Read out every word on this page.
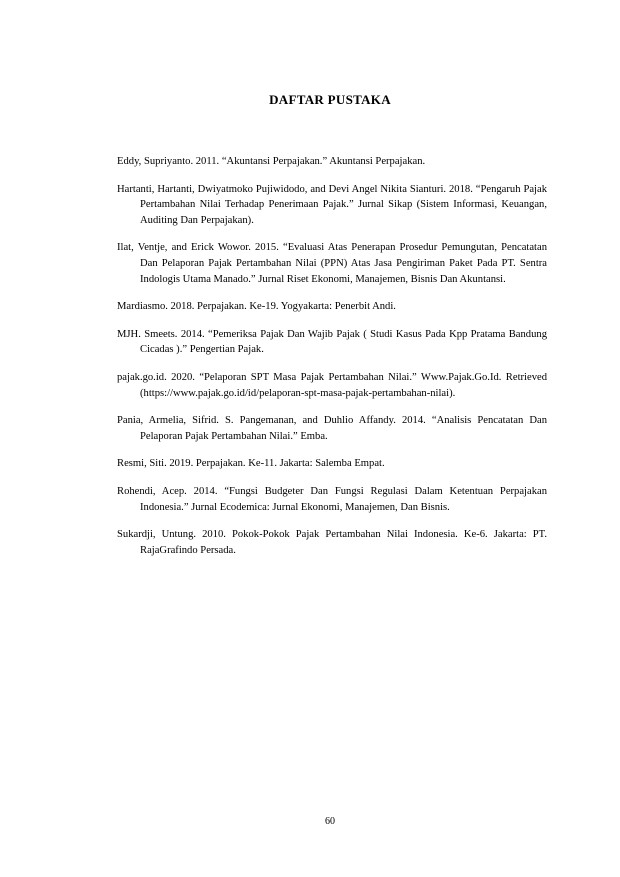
DAFTAR PUSTAKA

Eddy, Supriyanto. 2011. “Akuntansi Perpajakan.” Akuntansi Perpajakan.

Hartanti, Hartanti, Dwiyatmoko Pujiwidodo, and Devi Angel Nikita Sianturi. 2018. “Pengaruh Pajak Pertambahan Nilai Terhadap Penerimaan Pajak.” Jurnal Sikap (Sistem Informasi, Keuangan, Auditing Dan Perpajakan).

Ilat, Ventje, and Erick Wowor. 2015. “Evaluasi Atas Penerapan Prosedur Pemungutan, Pencatatan Dan Pelaporan Pajak Pertambahan Nilai (PPN) Atas Jasa Pengiriman Paket Pada PT. Sentra Indologis Utama Manado.” Jurnal Riset Ekonomi, Manajemen, Bisnis Dan Akuntansi.

Mardiasmo. 2018. Perpajakan. Ke-19. Yogyakarta: Penerbit Andi.

MJH. Smeets. 2014. “Pemeriksa Pajak Dan Wajib Pajak ( Studi Kasus Pada Kpp Pratama Bandung Cicadas ).” Pengertian Pajak.

pajak.go.id. 2020. “Pelaporan SPT Masa Pajak Pertambahan Nilai.” Www.Pajak.Go.Id. Retrieved (https://www.pajak.go.id/id/pelaporan-spt-masa-pajak-pertambahan-nilai).

Pania, Armelia, Sifrid. S. Pangemanan, and Duhlio Affandy. 2014. “Analisis Pencatatan Dan Pelaporan Pajak Pertambahan Nilai.” Emba.

Resmi, Siti. 2019. Perpajakan. Ke-11. Jakarta: Salemba Empat.

Rohendi, Acep. 2014. “Fungsi Budgeter Dan Fungsi Regulasi Dalam Ketentuan Perpajakan Indonesia.” Jurnal Ecodemica: Jurnal Ekonomi, Manajemen, Dan Bisnis.

Sukardji, Untung. 2010. Pokok-Pokok Pajak Pertambahan Nilai Indonesia. Ke-6. Jakarta: PT. RajaGrafindo Persada.

60
